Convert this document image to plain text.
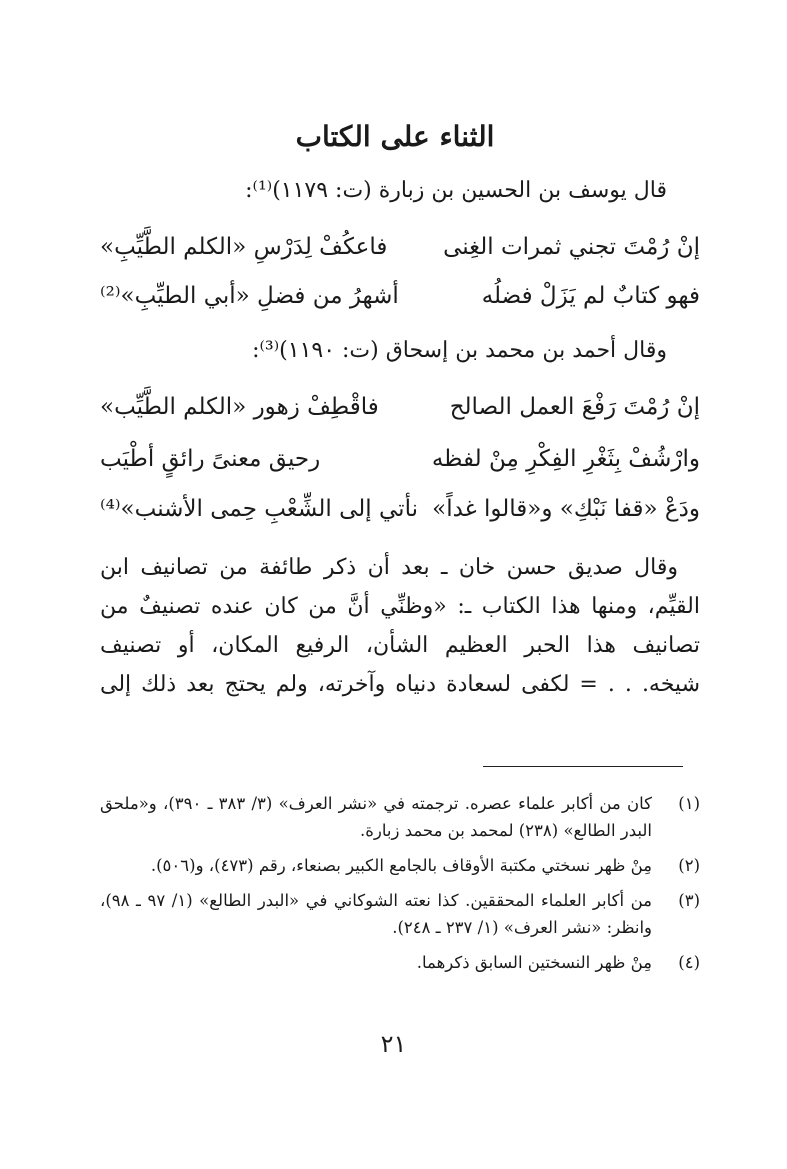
الثناء على الكتاب
قال يوسف بن الحسين بن زبارة (ت: ١١٧٩)⁽¹⁾:
إنْ رُمْتَ تجني ثمرات الغِنى
فاعكُفْ لِدَرْسِ «الكلم الطَّيِّبِ»
فهو كتابٌ لم يَزَلْ فضلُه
أشهرُ من فضلِ «أبي الطيِّبِ»⁽²⁾
وقال أحمد بن محمد بن إسحاق (ت: ١١٩٠)⁽³⁾:
إنْ رُمْتَ رَفْعَ العمل الصالح
فاقْطِفْ زهور «الكلم الطَّيِّب»
وارْشُفْ بِثَغْرِ الفِكْرِ مِنْ لفظه
رحيق معنىً رائقٍ أطْيَب
ودَعْ «قفا نَبْكِ» و«قالوا غداً»
نأتي إلى الشِّعْبِ حِمى الأشنب»⁽⁴⁾
وقال صديق حسن خان ـ بعد أن ذكر طائفة من تصانيف ابن
القيِّم، ومنها هذا الكتاب ـ: «وظنِّي أنَّ من كان عنده تصنيفٌ من
تصانيف هذا الحبر العظيم الشأن، الرفيع المكان، أو تصنيف
شيخه. . . = لكفى لسعادة دنياه وآخرته، ولم يحتج بعد ذلك إلى
(١)
كان من أكابر علماء عصره. ترجمته في «نشر العرف» (٣/ ٣٨٣ ـ ٣٩٠)، و«ملحق البدر الطالع» (٢٣٨) لمحمد بن محمد زبارة.
(٢)
مِنْ ظهر نسختي مكتبة الأوقاف بالجامع الكبير بصنعاء، رقم (٤٧٣)، و(٥٠٦).
(٣)
من أكابر العلماء المحققين. كذا نعته الشوكاني في «البدر الطالع» (١/ ٩٧ ـ ٩٨)، وانظر: «نشر العرف» (١/ ٢٣٧ ـ ٢٤٨).
(٤)
مِنْ ظهر النسختين السابق ذكرهما.
٢١
